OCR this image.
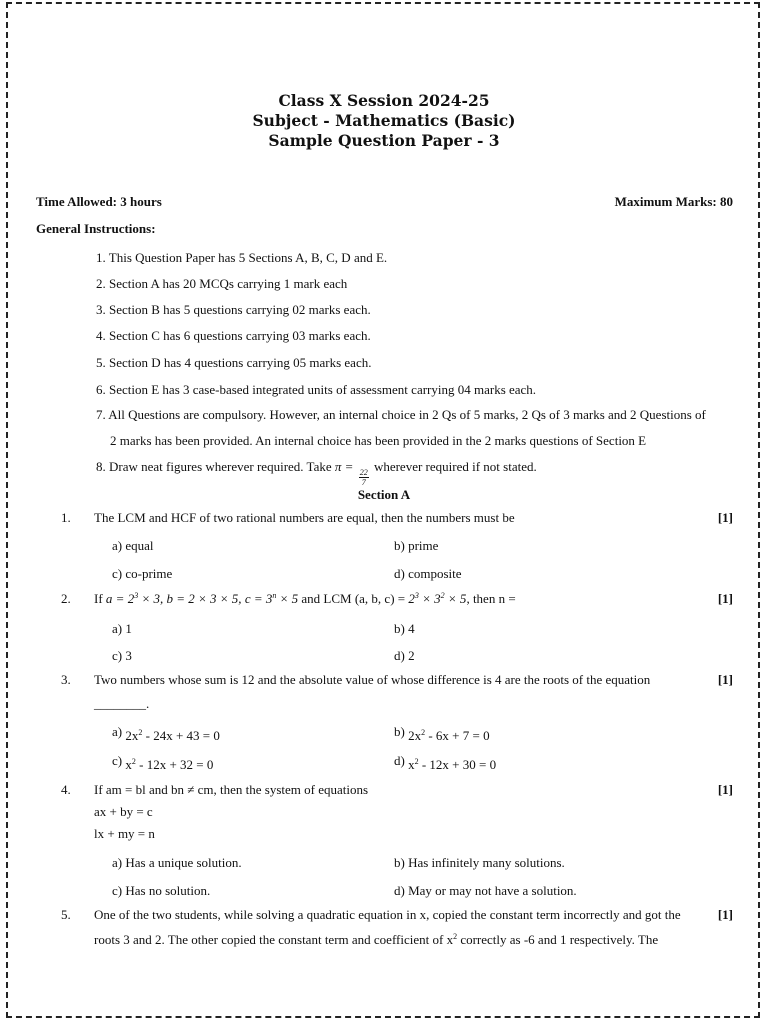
Class X Session 2024-25
Subject - Mathematics (Basic)
Sample Question Paper - 3
Time Allowed: 3 hours	Maximum Marks: 80
General Instructions:
1. This Question Paper has 5 Sections A, B, C, D and E.
2. Section A has 20 MCQs carrying 1 mark each
3. Section B has 5 questions carrying 02 marks each.
4. Section C has 6 questions carrying 03 marks each.
5. Section D has 4 questions carrying 05 marks each.
6. Section E has 3 case-based integrated units of assessment carrying 04 marks each.
7. All Questions are compulsory. However, an internal choice in 2 Qs of 5 marks, 2 Qs of 3 marks and 2 Questions of
2 marks has been provided. An internal choice has been provided in the 2 marks questions of Section E
8. Draw neat figures wherever required. Take π =
$\frac{22}{7}$
wherever required if not stated.
Section A
1. The LCM and HCF of two rational numbers are equal, then the numbers must be	[1]
a) equal	b) prime
c) co-prime	d) composite
2. If $a = 2^3 \times 3$, b = 2 × 3 × 5, $c = 3^n \times 5$ and LCM (a, b, $c) = 2^3 \times 3^2 \times 5$, then n =	[1]
a) 1	b) 4
c) 3	d) 2
3. Two numbers whose sum is 12 and the absolute value of whose difference is 4 are the roots of the equation	[1]
________.
a) $2x^2 - 24x + 43 = 0$	b) $2x^2 - 6x + 7 = 0$
c) $x^2 - 12x + 32 = 0$	d) $x^2 - 12x + 30 = 0$
4. If am = bl and bn ≠ cm, then the system of equations	[1]
ax + by = c
lx + my = n
a) Has a unique solution.	b) Has infinitely many solutions.
c) Has no solution.	d) May or may not have a solution.
5. One of the two students, while solving a quadratic equation in x, copied the constant term incorrectly and got the	[1]
roots 3 and 2. The other copied the constant term and coefficient of $x^2$ correctly as -6 and 1 respectively. The
